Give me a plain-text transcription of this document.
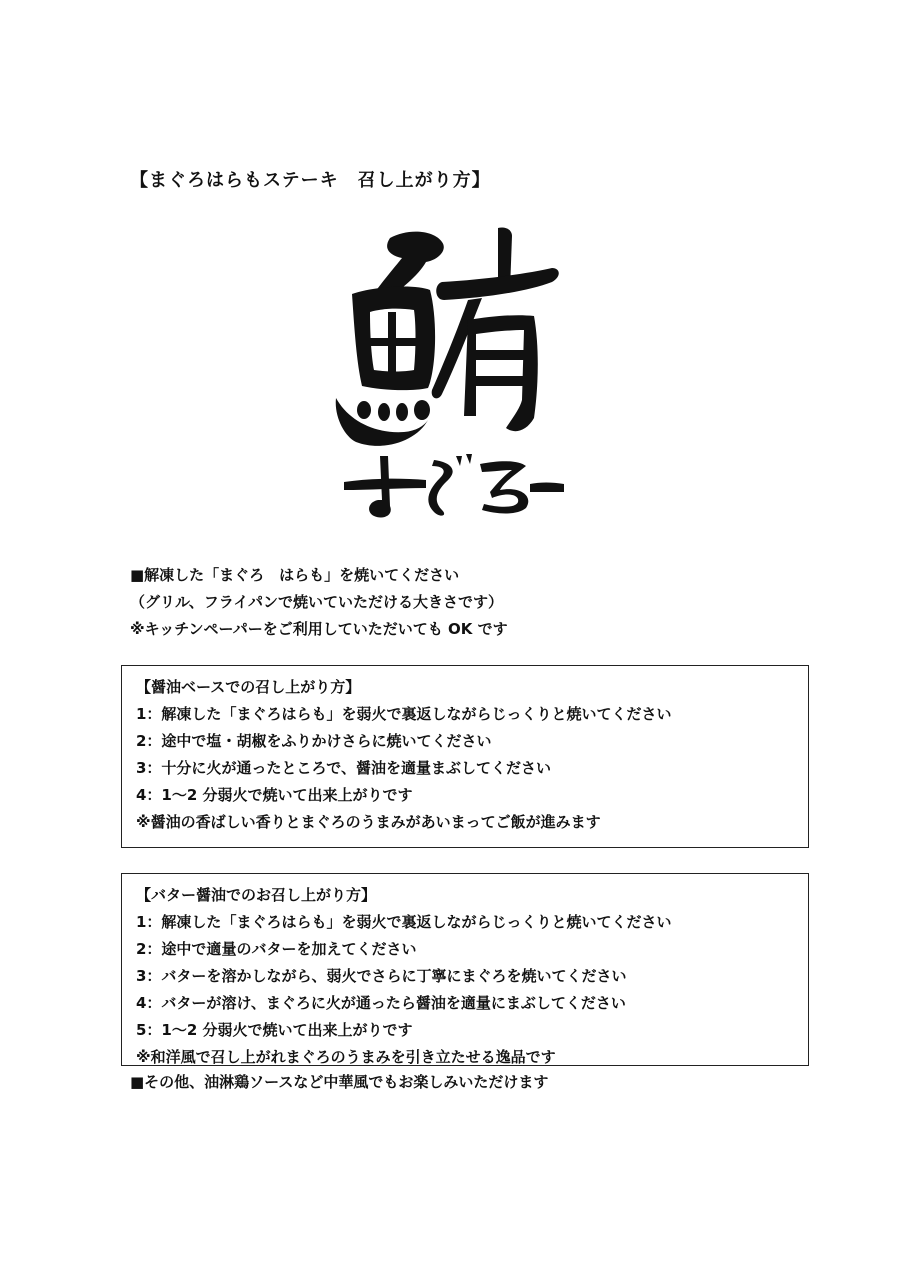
【まぐろはらもステーキ　召し上がり方】
■解凍した「まぐろ　はらも」を焼いてください
（グリル、フライパンで焼いていただける大きさです）
※キッチンペーパーをご利用していただいても OK です
【醤油ベースでの召し上がり方】
1：解凍した「まぐろはらも」を弱火で裏返しながらじっくりと焼いてください
2：途中で塩・胡椒をふりかけさらに焼いてください
3：十分に火が通ったところで、醤油を適量まぶしてください
4：1～2 分弱火で焼いて出来上がりです
※醤油の香ばしい香りとまぐろのうまみがあいまってご飯が進みます
【バター醤油でのお召し上がり方】
1：解凍した「まぐろはらも」を弱火で裏返しながらじっくりと焼いてください
2：途中で適量のバターを加えてください
3：バターを溶かしながら、弱火でさらに丁寧にまぐろを焼いてください
4：バターが溶け、まぐろに火が通ったら醤油を適量にまぶしてください
5：1～2 分弱火で焼いて出来上がりです
※和洋風で召し上がれまぐろのうまみを引き立たせる逸品です
■その他、油淋鶏ソースなど中華風でもお楽しみいただけます
